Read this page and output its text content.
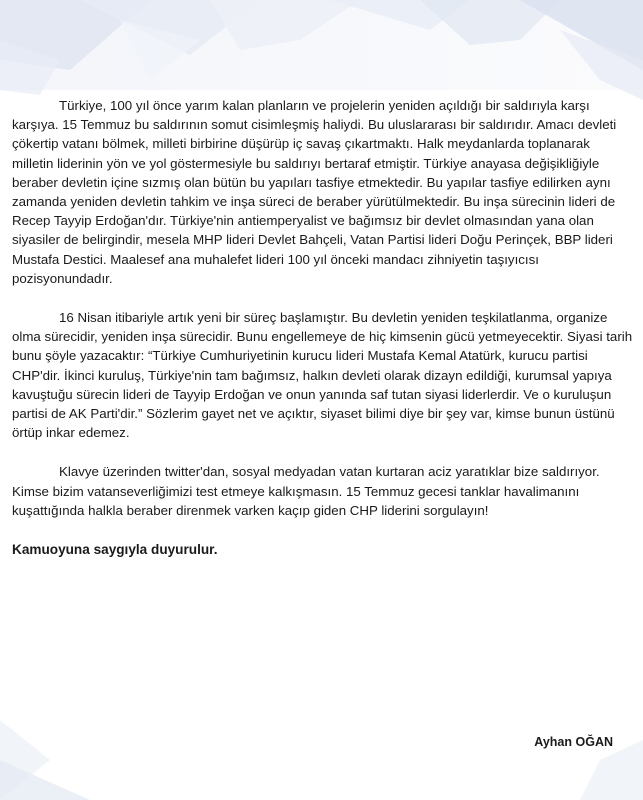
Türkiye, 100 yıl önce yarım kalan planların ve projelerin yeniden açıldığı bir saldırıyla karşı karşıya. 15 Temmuz bu saldırının somut cisimleşmiş haliydi. Bu uluslararası bir saldırıdır. Amacı devleti çökertip vatanı bölmek, milleti birbirine düşürüp iç savaş çıkartmaktı. Halk meydanlarda toplanarak milletin liderinin yön ve yol göstermesiyle bu saldırıyı bertaraf etmiştir. Türkiye anayasa değişikliğiyle beraber devletin içine sızmış olan bütün bu yapıları tasfiye etmektedir. Bu yapılar tasfiye edilirken aynı zamanda yeniden devletin tahkim ve inşa süreci de beraber yürütülmektedir. Bu inşa sürecinin lideri de Recep Tayyip Erdoğan'dır. Türkiye'nin antiemperyalist ve bağımsız bir devlet olmasından yana olan siyasiler de belirgindir, mesela MHP lideri Devlet Bahçeli, Vatan Partisi lideri Doğu Perinçek, BBP lideri Mustafa Destici. Maalesef ana muhalefet lideri 100 yıl önceki mandacı zihniyetin taşıyıcısı pozisyonundadır.

16 Nisan itibariyle artık yeni bir süreç başlamıştır. Bu devletin yeniden teşkilatlanma, organize olma sürecidir, yeniden inşa sürecidir. Bunu engellemeye de hiç kimsenin gücü yetmeyecektir. Siyasi tarih bunu şöyle yazacaktır: “Türkiye Cumhuriyetinin kurucu lideri Mustafa Kemal Atatürk, kurucu partisi CHP'dir. İkinci kuruluş, Türkiye'nin tam bağımsız, halkın devleti olarak dizayn edildiği, kurumsal yapıya kavuştuğu sürecin lideri de Tayyip Erdoğan ve onun yanında saf tutan siyasi liderlerdir. Ve o kuruluşun partisi de AK Parti'dir.” Sözlerim gayet net ve açıktır, siyaset bilimi diye bir şey var, kimse bunun üstünü örtüp inkar edemez.

Klavye üzerinden twitter'dan, sosyal medyadan vatan kurtaran aciz yaratıklar bize saldırıyor. Kimse bizim vatanseverliğimizi test etmeye kalkışmasın. 15 Temmuz gecesi tanklar havalimanını kuşattığında halkla beraber direnmek varken kaçıp giden CHP liderini sorgulayın!

Kamuoyuna saygıyla duyurulur.

Ayhan OĞAN
